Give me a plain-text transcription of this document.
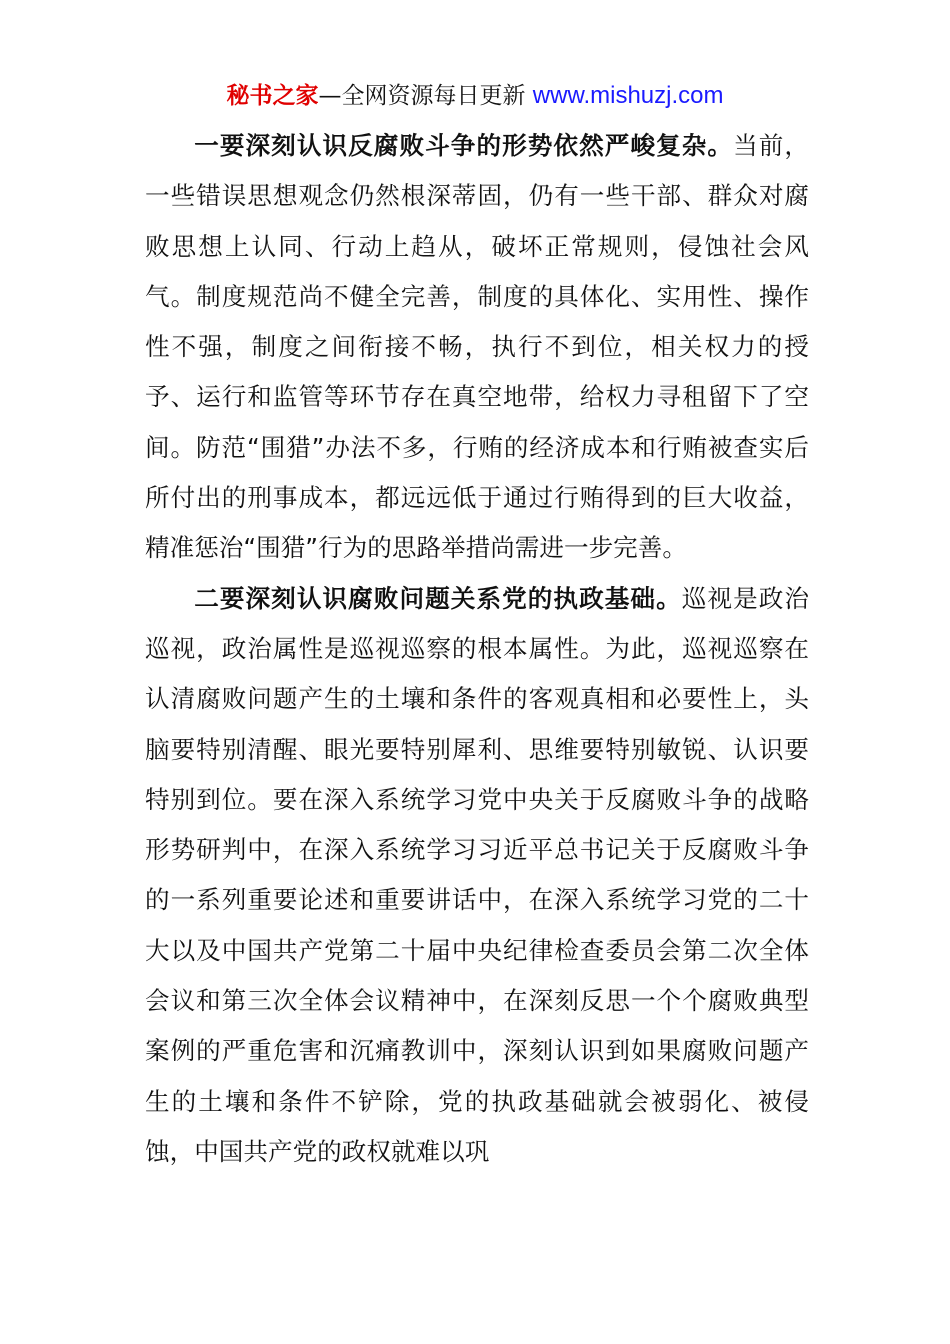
秘书之家—全网资源每日更新 www.mishuzj.com

一要深刻认识反腐败斗争的形势依然严峻复杂。当前，一些错误思想观念仍然根深蒂固，仍有一些干部、群众对腐败思想上认同、行动上趋从，破坏正常规则，侵蚀社会风气。制度规范尚不健全完善，制度的具体化、实用性、操作性不强，制度之间衔接不畅，执行不到位，相关权力的授予、运行和监管等环节存在真空地带，给权力寻租留下了空间。防范“围猎”办法不多，行贿的经济成本和行贿被查实后所付出的刑事成本，都远远低于通过行贿得到的巨大收益，精准惩治“围猎”行为的思路举措尚需进一步完善。

二要深刻认识腐败问题关系党的执政基础。巡视是政治巡视，政治属性是巡视巡察的根本属性。为此，巡视巡察在认清腐败问题产生的土壤和条件的客观真相和必要性上，头脑要特别清醒、眼光要特别犀利、思维要特别敏锐、认识要特别到位。要在深入系统学习党中央关于反腐败斗争的战略形势研判中，在深入系统学习习近平总书记关于反腐败斗争的一系列重要论述和重要讲话中，在深入系统学习党的二十大以及中国共产党第二十届中央纪律检查委员会第二次全体会议和第三次全体会议精神中，在深刻反思一个个腐败典型案例的严重危害和沉痛教训中，深刻认识到如果腐败问题产生的土壤和条件不铲除，党的执政基础就会被弱化、被侵蚀，中国共产党的政权就难以巩
